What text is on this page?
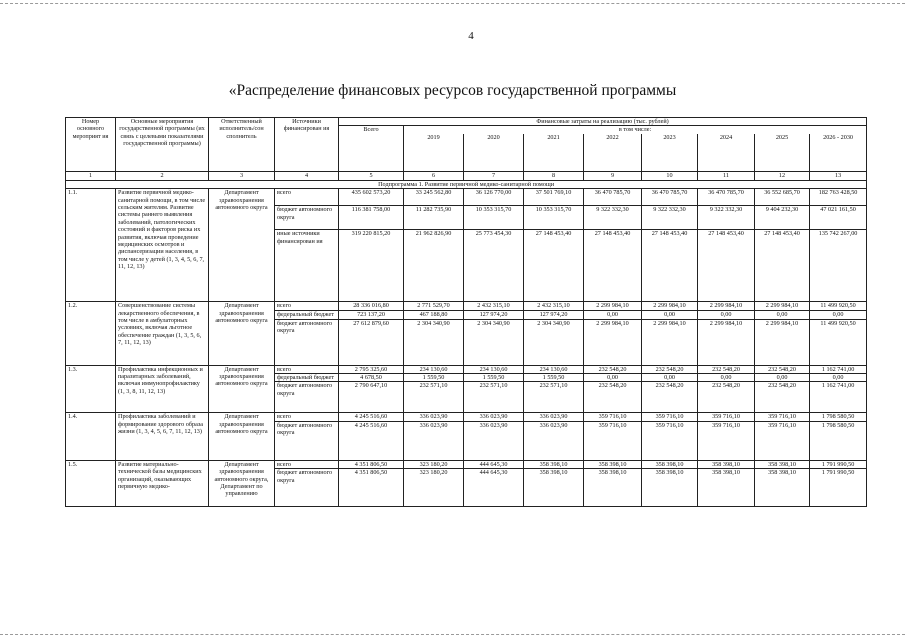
4
«Распределение финансовых ресурсов государственной программы
Номер основного мероприят ия	Основные мероприятия государственной программы (их связь с целевыми показателями государственной программы)	Ответственный исполнитель/сон сполнитель	Источники финансирован ия	Финансовые затраты на реализацию (тыс. рублей)								
				Всего	в том числе:							
					2019	2020	2021	2022	2023	2024	2025	2026 - 2030
1	2	3	4	5	6	7	8	9	10	11	12	13
Подпрограмма 1. Развитие первичной медико-санитарной помощи												
1.1.	Развитие первичной медико-санитарной помощи, в том числе сельским жителям. Развитие системы раннего выявления заболеваний, патологических состояний и факторов риска их развития, включая проведение медицинских осмотров и диспансеризации населения, в том числе у детей (1, 3, 4, 5, 6, 7, 11, 12, 13)	Департамент здравоохранения автономного округа	всего	435 602 573,20	33 245 562,80	36 126 770,00	37 501 769,10	36 470 785,70	36 470 785,70	36 470 785,70	36 552 685,70	182 763 428,50
			бюджет автономного округа	116 381 758,00	11 282 735,90	10 353 315,70	10 353 315,70	9 322 332,30	9 322 332,30	9 322 332,30	9 404 232,30	47 021 161,50
			иные источники финансирован ия	319 220 815,20	21 962 826,90	25 773 454,30	27 148 453,40	27 148 453,40	27 148 453,40	27 148 453,40	27 148 453,40	135 742 267,00
1.2.	Совершенствование системы лекарственного обеспечения, в том числе в амбулаторных условиях, включая льготное обеспечение граждан (1, 3, 5, 6, 7, 11, 12, 13)	Департамент здравоохранения автономного округа	всего	28 336 016,80	2 771 529,70	2 432 315,10	2 432 315,10	2 299 984,10	2 299 984,10	2 299 984,10	2 299 984,10	11 499 920,50
			федеральный бюджет	723 137,20	467 188,80	127 974,20	127 974,20	0,00	0,00	0,00	0,00	0,00
			бюджет автономного округа	27 612 879,60	2 304 340,90	2 304 340,90	2 304 340,90	2 299 984,10	2 299 984,10	2 299 984,10	2 299 984,10	11 499 920,50
1.3.	Профилактика инфекционных и паразитарных заболеваний, включая иммунопрофилактику (1, 3, 8, 11, 12, 13)	Департамент здравоохранения автономного округа	всего	2 795 325,60	234 130,60	234 130,60	234 130,60	232 548,20	232 548,20	232 548,20	232 548,20	1 162 741,00
			федеральный бюджет	4 678,50	1 559,50	1 559,50	1 559,50	0,00	0,00	0,00	0,00	0,00
			бюджет автономного округа	2 790 647,10	232 571,10	232 571,10	232 571,10	232 548,20	232 548,20	232 548,20	232 548,20	1 162 741,00
1.4.	Профилактика заболеваний и формирование здорового образа жизни (1, 3, 4, 5, 6, 7, 11, 12, 13)	Департамент здравоохранения автономного округа	всего	4 245 516,60	336 023,90	336 023,90	336 023,90	359 716,10	359 716,10	359 716,10	359 716,10	1 798 580,50
			бюджет автономного округа	4 245 516,60	336 023,90	336 023,90	336 023,90	359 716,10	359 716,10	359 716,10	359 716,10	1 798 580,50
1.5.	Развитие материально-технической базы медицинских организаций, оказывающих первичную медико-	Департамент здравоохранения автономного округа, Департамент по управлению	всего	4 351 806,50	323 180,20	444 645,30	358 398,10	358 398,10	358 398,10	358 398,10	358 398,10	1 791 990,50
			бюджет автономного округа	4 351 806,50	323 180,20	444 645,30	358 398,10	358 398,10	358 398,10	358 398,10	358 398,10	1 791 990,50
